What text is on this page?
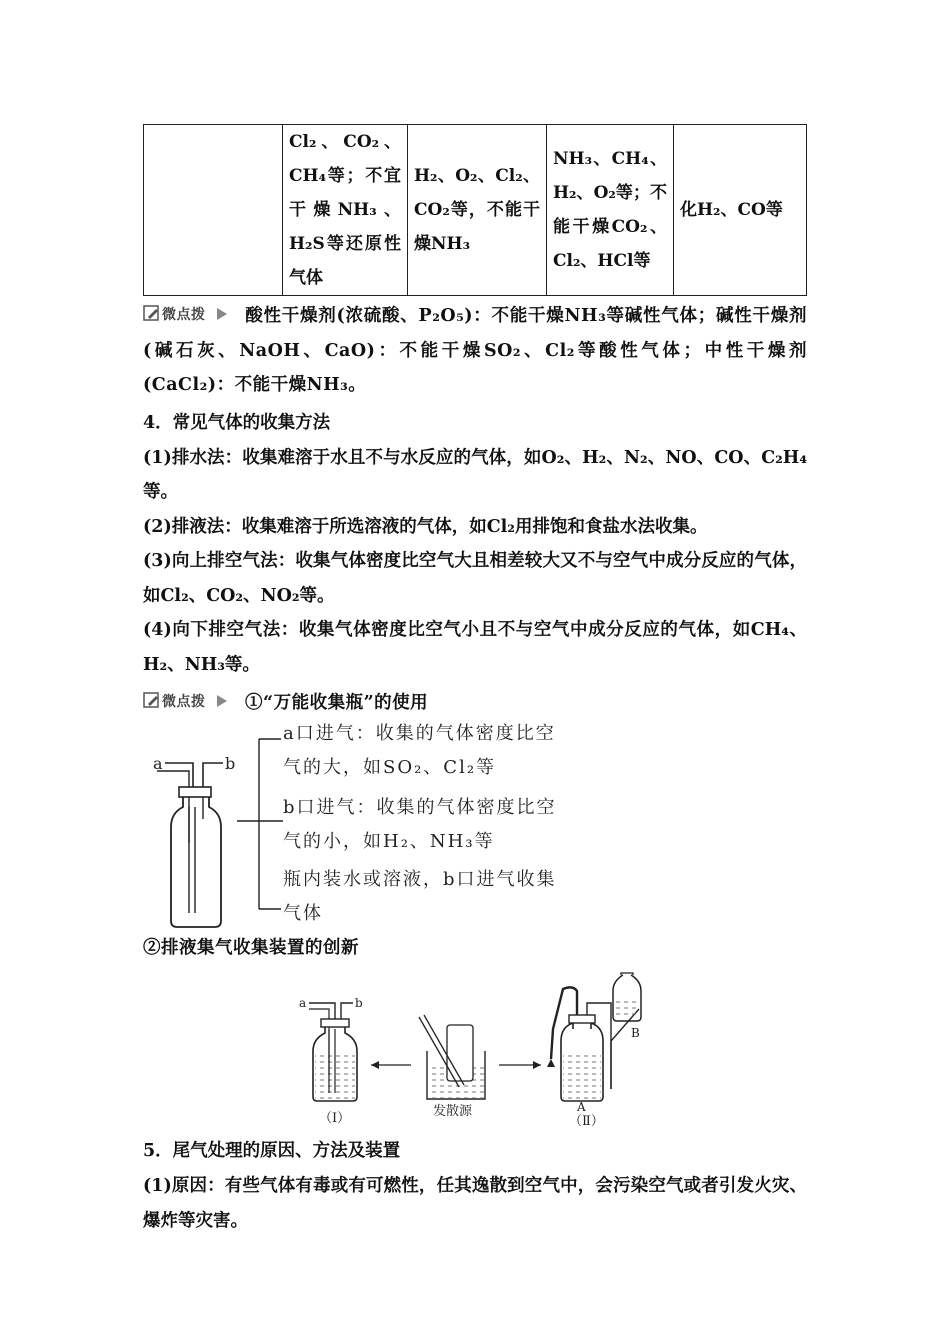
	Cl₂、CO₂、CH₄等；不宜干燥NH₃、H₂S等还原性气体	H₂、O₂、Cl₂、CO₂等，不能干燥NH₃	NH₃、CH₄、H₂、O₂等；不能干燥CO₂、Cl₂、HCl等	化H₂、CO等

微点拨 酸性干燥剂(浓硫酸、P₂O₅)：不能干燥NH₃等碱性气体；碱性干燥剂(碱石灰、NaOH、CaO)：不能干燥SO₂、Cl₂等酸性气体；中性干燥剂(CaCl₂)：不能干燥NH₃。

4．常见气体的收集方法

(1)排水法：收集难溶于水且不与水反应的气体，如O₂、H₂、N₂、NO、CO、C₂H₄等。

(2)排液法：收集难溶于所选溶液的气体，如Cl₂用排饱和食盐水法收集。

(3)向上排空气法：收集气体密度比空气大且相差较大又不与空气中成分反应的气体，如Cl₂、CO₂、NO₂等。

(4)向下排空气法：收集气体密度比空气小且不与空气中成分反应的气体，如CH₄、H₂、NH₃等。

微点拨 ①“万能收集瓶”的使用

a	b
a口进气：收集的气体密度比空
气的大，如SO₂、Cl₂等
b口进气：收集的气体密度比空
气的小，如H₂、NH₃等
瓶内装水或溶液，b口进气收集
气体

②排液集气收集装置的创新

a	b
（Ⅰ）	发散源	A
（Ⅱ）
B
5．尾气处理的原因、方法及装置

(1)原因：有些气体有毒或有可燃性，任其逸散到空气中，会污染空气或者引发火灾、爆炸等灾害。
